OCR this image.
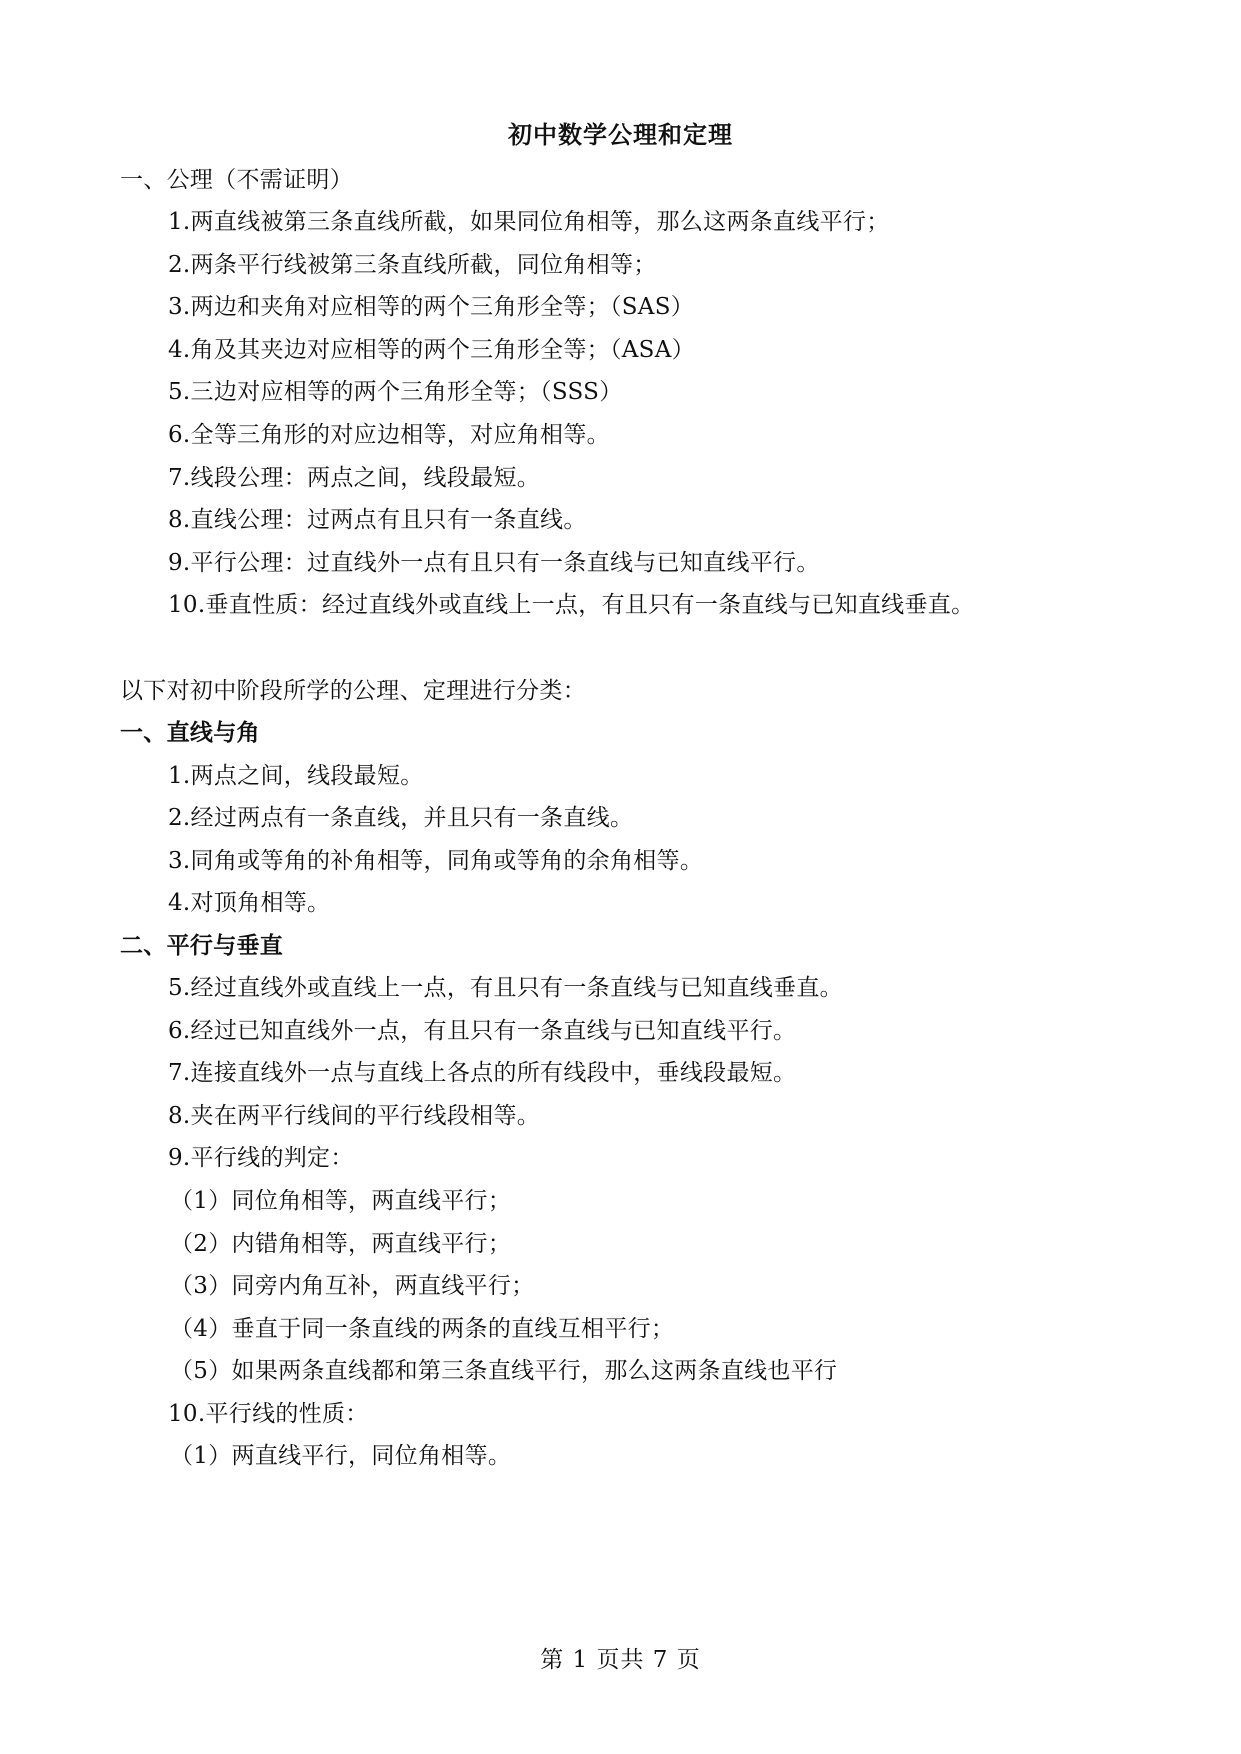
初中数学公理和定理
一、公理（不需证明）
1.两直线被第三条直线所截，如果同位角相等，那么这两条直线平行；
2.两条平行线被第三条直线所截，同位角相等；
3.两边和夹角对应相等的两个三角形全等；（SAS）
4.角及其夹边对应相等的两个三角形全等；（ASA）
5.三边对应相等的两个三角形全等；（SSS）
6.全等三角形的对应边相等，对应角相等。
7.线段公理：两点之间，线段最短。
8.直线公理：过两点有且只有一条直线。
9.平行公理：过直线外一点有且只有一条直线与已知直线平行。
10.垂直性质：经过直线外或直线上一点，有且只有一条直线与已知直线垂直。
以下对初中阶段所学的公理、定理进行分类：
一、直线与角
1.两点之间，线段最短。
2.经过两点有一条直线，并且只有一条直线。
3.同角或等角的补角相等，同角或等角的余角相等。
4.对顶角相等。
二、平行与垂直
5.经过直线外或直线上一点，有且只有一条直线与已知直线垂直。
6.经过已知直线外一点，有且只有一条直线与已知直线平行。
7.连接直线外一点与直线上各点的所有线段中，垂线段最短。
8.夹在两平行线间的平行线段相等。
9.平行线的判定：
（1）同位角相等，两直线平行；
（2）内错角相等，两直线平行；
（3）同旁内角互补，两直线平行；
（4）垂直于同一条直线的两条的直线互相平行；
（5）如果两条直线都和第三条直线平行，那么这两条直线也平行
10.平行线的性质：
（1）两直线平行，同位角相等。
第 1 页共 7 页
